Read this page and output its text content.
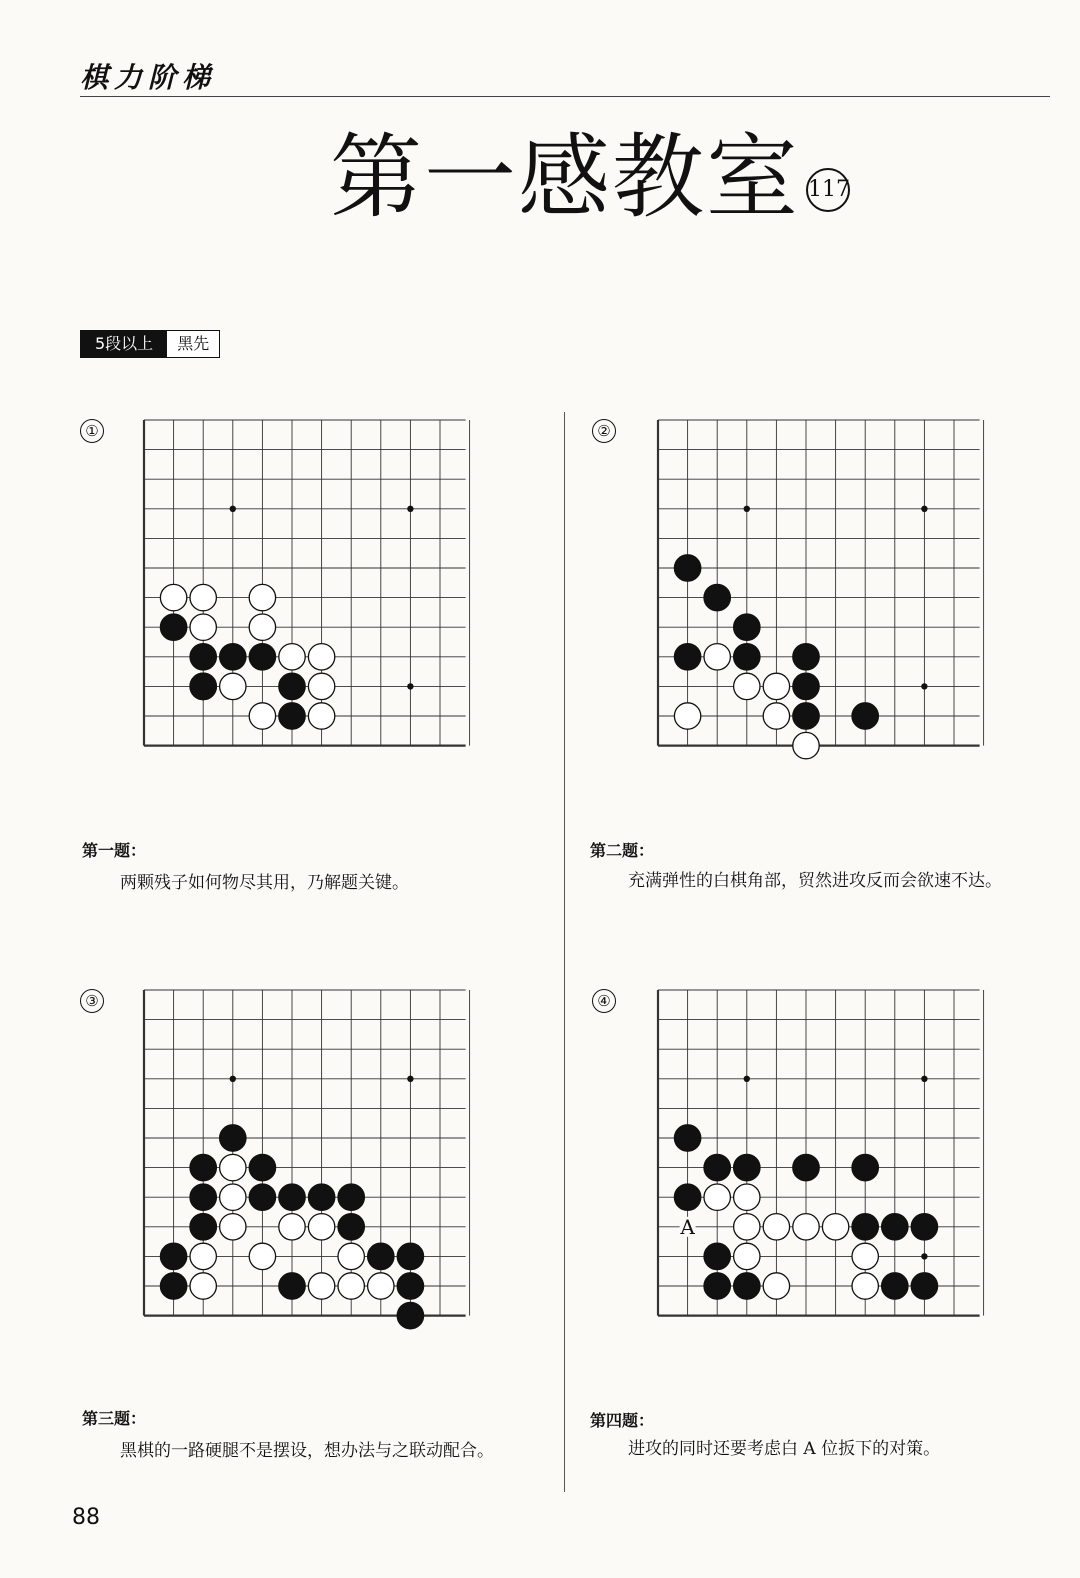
棋力阶梯
第一感教室 117
5段以上	黑先
①
第一题：
两颗残子如何物尽其用，乃解题关键。
②
第二题：
充满弹性的白棋角部，贸然进攻反而会欲速不达。
③
第三题：
黑棋的一路硬腿不是摆设，想办法与之联动配合。
④
A
第四题：
进攻的同时还要考虑白 A 位扳下的对策。
88
